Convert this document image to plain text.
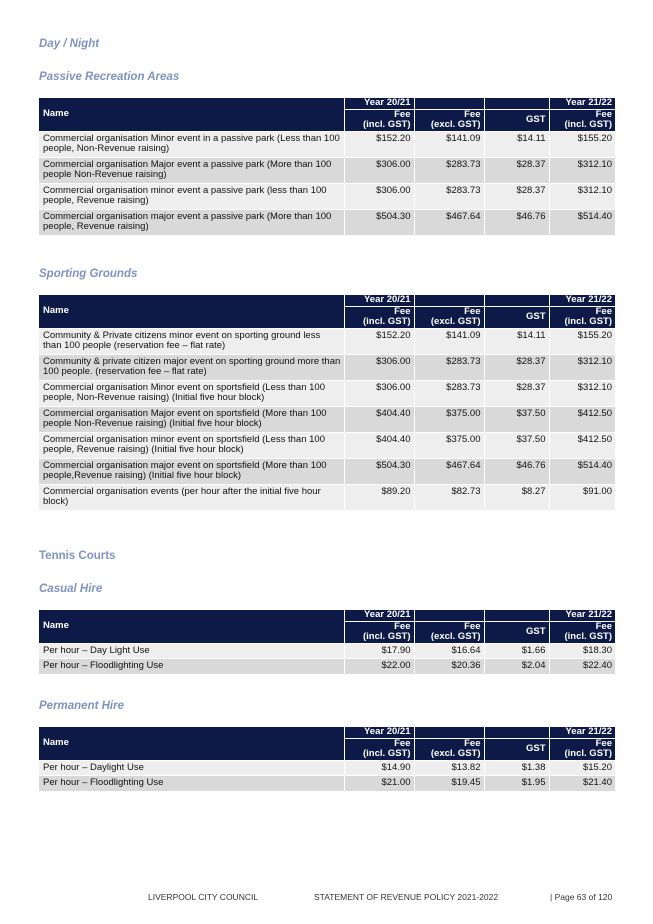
Day / Night
Passive Recreation Areas
Name	Year 20/21			Year 21/22
	Fee	Fee	GST	Fee
	(incl. GST)	(excl. GST)		(incl. GST)
Commercial organisation Minor event in a passive park (Less than 100 people, Non-Revenue raising)	$152.20	$141.09	$14.11	$155.20
Commercial organisation Major event a passive park (More than 100 people Non-Revenue raising)	$306.00	$283.73	$28.37	$312.10
Commercial organisation minor event a passive park (less than 100 people, Revenue raising)	$306.00	$283.73	$28.37	$312.10
Commercial organisation major event a passive park (More than 100 people, Revenue raising)	$504.30	$467.64	$46.76	$514.40
Sporting Grounds
Name	Year 20/21			Year 21/22
	Fee	Fee	GST	Fee
	(incl. GST)	(excl. GST)		(incl. GST)
Community & Private citizens minor event on sporting ground less than 100 people (reservation fee – flat rate)	$152.20	$141.09	$14.11	$155.20
Community & private citizen major event on sporting ground more than 100 people. (reservation fee – flat rate)	$306.00	$283.73	$28.37	$312.10
Commercial organisation Minor event on sportsfield (Less than 100 people, Non-Revenue raising) (Initial five hour block)	$306.00	$283.73	$28.37	$312.10
Commercial organisation Major event on sportsfield (More than 100 people Non-Revenue raising) (Initial five hour block)	$404.40	$375.00	$37.50	$412.50
Commercial organisation minor event on sportsfield (Less than 100 people, Revenue raising) (Initial five hour block)	$404.40	$375.00	$37.50	$412.50
Commercial organisation major event on sportsfield (More than 100 people,Revenue raising) (Initial five hour block)	$504.30	$467.64	$46.76	$514.40
Commercial organisation events (per hour after the initial five hour block)	$89.20	$82.73	$8.27	$91.00
Tennis Courts
Casual Hire
Name	Year 20/21			Year 21/22
	Fee	Fee	GST	Fee
	(incl. GST)	(excl. GST)		(incl. GST)
Per hour – Day Light Use	$17.90	$16.64	$1.66	$18.30
Per hour – Floodlighting Use	$22.00	$20.36	$2.04	$22.40
Permanent Hire
Name	Year 20/21			Year 21/22
	Fee	Fee	GST	Fee
	(incl. GST)	(excl. GST)		(incl. GST)
Per hour – Daylight Use	$14.90	$13.82	$1.38	$15.20
Per hour – Floodlighting Use	$21.00	$19.45	$1.95	$21.40
LIVERPOOL CITY COUNCIL	STATEMENT OF REVENUE POLICY 2021-2022	| Page 63 of 120
